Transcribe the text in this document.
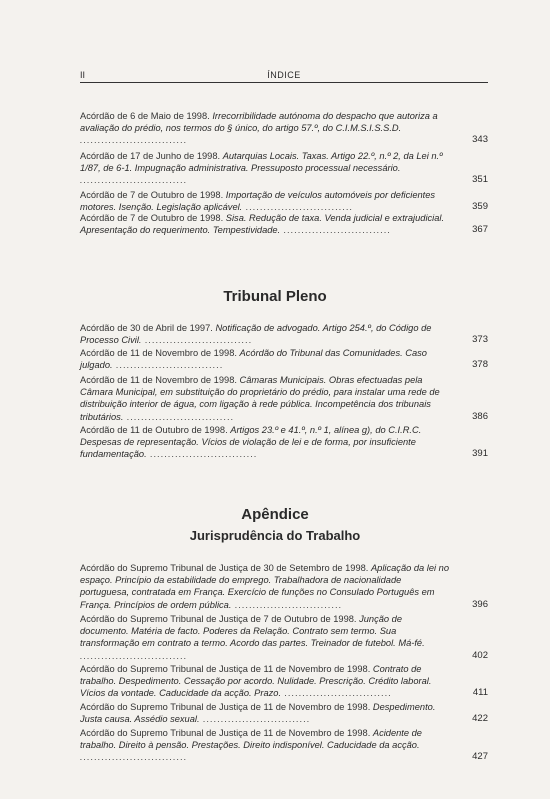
II	ÍNDICE
Acórdão de 6 de Maio de 1998. Irrecorribilidade autónoma do despacho que autoriza a avaliação do prédio, nos termos do § único, do artigo 57.º, do C.I.M.S.I.S.S.D. ..............................	343
Acórdão de 17 de Junho de 1998. Autarquias Locais. Taxas. Artigo 22.º, n.º 2, da Lei n.º 1/87, de 6-1. Impugnação administrativa. Pressuposto processual necessário. ..............................	351
Acórdão de 7 de Outubro de 1998. Importação de veículos automóveis por deficientes motores. Isenção. Legislação aplicável. ..............................	359
Acórdão de 7 de Outubro de 1998. Sisa. Redução de taxa. Venda judicial e extrajudicial. Apresentação do requerimento. Tempestividade. ..............................	367
Tribunal Pleno
Acórdão de 30 de Abril de 1997. Notificação de advogado. Artigo 254.º, do Código de Processo Civil. ..............................	373
Acórdão de 11 de Novembro de 1998. Acórdão do Tribunal das Comunidades. Caso julgado. ..............................	378
Acórdão de 11 de Novembro de 1998. Câmaras Municipais. Obras efectuadas pela Câmara Municipal, em substituição do proprietário do prédio, para instalar uma rede de distribuição interior de água, com ligação à rede pública. Incompetência dos tribunais tributários. ..............................	386
Acórdão de 11 de Outubro de 1998. Artigos 23.º e 41.º, n.º 1, alínea g), do C.I.R.C. Despesas de representação. Vícios de violação de lei e de forma, por insuficiente fundamentação. ..............................	391
Apêndice
Jurisprudência do Trabalho
Acórdão do Supremo Tribunal de Justiça de 30 de Setembro de 1998. Aplicação da lei no espaço. Princípio da estabilidade do emprego. Trabalhadora de nacionalidade portuguesa, contratada em França. Exercício de funções no Consulado Português em França. Princípios de ordem pública. ..............................	396
Acórdão do Supremo Tribunal de Justiça de 7 de Outubro de 1998. Junção de documento. Matéria de facto. Poderes da Relação. Contrato sem termo. Sua transformação em contrato a termo. Acordo das partes. Treinador de futebol. Má-fé. ..............................	402
Acórdão do Supremo Tribunal de Justiça de 11 de Novembro de 1998. Contrato de trabalho. Despedimento. Cessação por acordo. Nulidade. Prescrição. Crédito laboral. Vícios da vontade. Caducidade da acção. Prazo. ..............................	411
Acórdão do Supremo Tribunal de Justiça de 11 de Novembro de 1998. Despedimento. Justa causa. Assédio sexual. ..............................	422
Acórdão do Supremo Tribunal de Justiça de 11 de Novembro de 1998. Acidente de trabalho. Direito à pensão. Prestações. Direito indisponível. Caducidade da acção. ..............................	427
